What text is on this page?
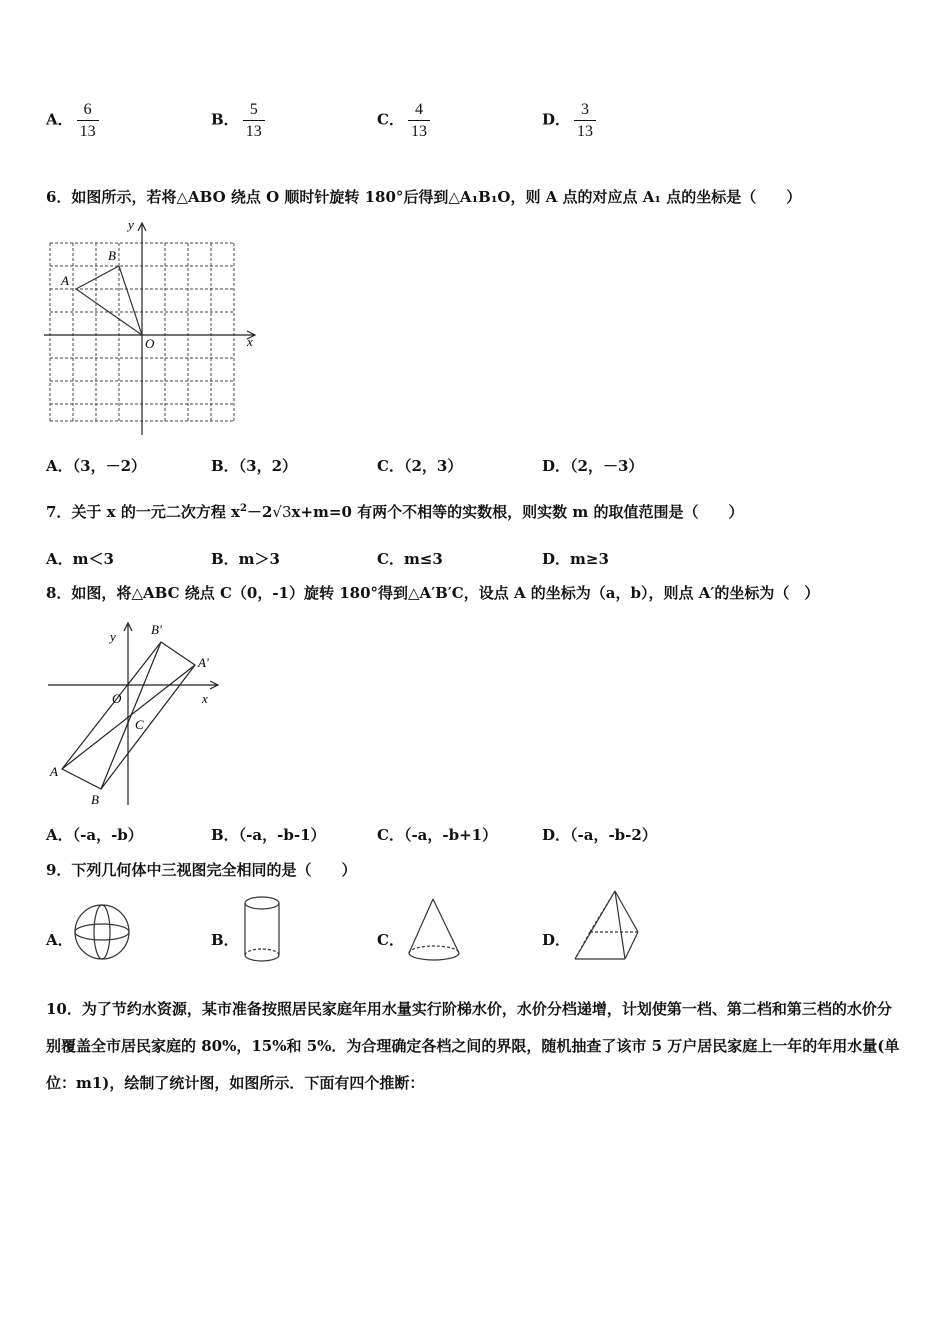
A． $\frac{6}{13}$	B． $\frac{5}{13}$	C． $\frac{4}{13}$	D． $\frac{3}{13}$
6．如图所示，若将△ABO 绕点 O 顺时针旋转 180°后得到△A₁B₁O，则 A 点的对应点 A₁ 点的坐标是（　　）
y
x
O
A
B
A．（3，－2）	B．（3，2）	C．（2，3）	D．（2，－3）
7．关于 x 的一元二次方程 $x^2-2√3x+m=0$ 有两个不相等的实数根，则实数 m 的取值范围是（　　）
A．m＜3	B．m＞3	C．m≤3	D．m≥3
8．如图，将△ABC 绕点 C（0，-1）旋转 180°得到△A′B′C，设点 A 的坐标为（a，b），则点 A′的坐标为（　）
y
x
O
C
A
B
A'
B'
A．（-a，-b）	B．（-a，-b-1）	C．（-a，-b+1）	D．（-a，-b-2）
9．下列几何体中三视图完全相同的是（　　）
A．	B．	C．	D．
10．为了节约水资源，某市准备按照居民家庭年用水量实行阶梯水价，水价分档递增，计划使第一档、第二档和第三档的水价分别覆盖全市居民家庭的 80%，15%和 5%．为合理确定各档之间的界限，随机抽查了该市 5 万户居民家庭上一年的年用水量(单位：m1)，绘制了统计图，如图所示．下面有四个推断：
